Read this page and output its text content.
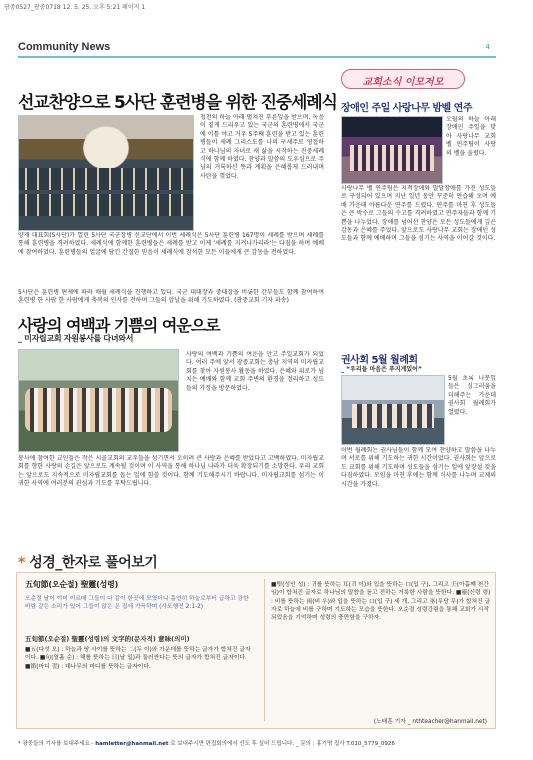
광중0527_광중0718 12. 5. 25. 오후 5:21 페이지 1
Community News	4
선교찬양으로 5사단 훈련병을 위한 진중세례식
청천의 하늘 아래 펼쳐진 푸른잎을 받으며, 녹음이 짙게 드리우고 있는 국군의 훈련병에서 국군에 이틀 야고 거우 5주째 훈련을 받고 있는 훈련병들이 세례 그리스도를 나의 구세주로 영접하고 하나님의 자녀로 새 삶을 시작하는 진중세례식에 함께 하였다. 찬양과 말씀의 도우심으로 주님의 거룩하신 뜻과 계획을 은혜롭게 드러내며 사탄을 꺾었다.
양재 대표회(5사단)가 열린 5사단 국군장병 선교단에서 이번 세례식은 5사단 훈련병 167명이 세례를 받으며 세례를 통해 훈련병을 격려하였다. 세례식에 함께한 훈련병들은 세례를 받고 이제 '세례를 지켜나가리라'는 다짐을 하며 예배에 참여하였다. 훈련병들의 얼굴에 담긴 간절한 믿음이 세례식에 참석한 모든 이들에게 큰 감동을 전하였다.
5사단은 훈련병 편제에 따라 매월 세례식을 진행하고 있다. 국군 대대장과 중대장을 비롯한 간부들도 함께 참여하여 훈련병 한 사람 한 사람에게 축복의 인사를 전하며 그들의 앞날을 위해 기도하였다. (광중교회 기자 파송)
사랑의 여백과 기쁨의 여운으로
_ 미자립교회 자원봉사를 다녀와서
사랑의 여백과 기쁨의 여운을 안고 주일교회가 되었다. 여러 주에 앞서 광중교회는 충남 지역의 미자립교회를 찾아 자원봉사 활동을 하였다. 은혜와 위로가 넘치는 예배와 함께 교회 주변의 환경을 정리하고 성도들의 가정을 방문하였다.
봉사에 참여한 교인들은 작은 시골교회의 교우들을 섬기면서 오히려 큰 사랑과 은혜를 받았다고 고백하였다. 미자립교회를 향한 사랑의 손길은 앞으로도 계속될 것이며 이 사역을 통해 하나님 나라가 더욱 확장되기를 소망한다. 우리 교회는 앞으로도 지속적으로 미자립교회를 돕는 일에 힘쓸 것이다. 함께 기도해주시기 바랍니다. 미자립교회를 섬기는 이 귀한 사역에 여러분의 관심과 기도를 부탁드립니다.
교회소식 이모저모
장애인 주일 사랑나무 밤벨 연주
오월의 하늘 아래 장애인 주일을 맞아 사랑나무 교회 벨 연주팀이 사랑의 벨을 울렸다.
사랑나무 벨 연주팀은 지적장애와 발달장애를 가진 성도들로 구성되어 있으며 지난 일년 동안 꾸준히 연습해 오며 예배 가운데 아름다운 연주를 드렸다. 연주를 마친 후 성도들은 큰 박수로 그들의 수고를 격려하였고 연주자들과 함께 기쁨을 나누었다. 장애를 넘어선 찬양은 모든 성도들에게 깊은 감동과 은혜를 주었다. 앞으로도 사랑나무 교회는 장애인 성도들과 함께 예배하며 그들을 섬기는 사역을 이어갈 것이다.
권사회 5월 월례회
_ “우리들 마음은 푸지게있어”
5월 초록 나뭇잎들은 싱그러움을 더해주는 가운데 권사회 월례회가 열렸다.
이번 월례회는 권사님들이 함께 모여 찬양하고 말씀을 나누며 서로를 위해 기도하는 귀한 시간이었다. 권사회는 앞으로도 교회를 위해 기도하며 성도들을 섬기는 일에 앞장설 것을 다짐하였다. 모임을 마친 후에는 함께 식사를 나누며 교제의 시간을 가졌다.
* 성경_한자로 풀어보기
五旬節(오순절) 聖靈(성령)
오순절 날이 이미 이르매 그들이 다 같이 한곳에 모였더니 홀연히 하늘로부터 급하고 강한 바람 같은 소리가 있어 그들이 앉은 온 집에 가득하며 (사도행전 2:1-2)
五旬節(오순절) 聖靈(성령)의 文字的(문자적) 意味(의미)
■五(다섯 오) : 하늘과 땅 사이를 뜻하는 二(두 이)와 가운데를 뜻하는 글자가 합쳐진 글자이다. ■旬(열흘 순) : 해를 뜻하는 日(날 일)과 둘러싼다는 뜻의 글자가 합쳐진 글자이다. ■節(마디 절) : 대나무의 마디를 뜻하는 글자이다.
■聖(성인 성) : 귀를 뜻하는 耳(귀 이)와 입을 뜻하는 口(입 구), 그리고 壬(아홉째 천간 임)이 합쳐진 글자로 하나님의 말씀을 듣고 전하는 거룩한 사람을 뜻한다. ■靈(신령 령) : 비를 뜻하는 雨(비 우)와 입을 뜻하는 口(입 구) 세 개, 그리고 巫(무당 무)가 합쳐진 글자로 하늘에 비를 구하며 기도하는 모습을 뜻한다. 오순절 성령강림을 통해 교회가 시작되었음을 기억하며 성령의 충만함을 구하자.
(노태훈 기자 _ nthteacher@hanmail.net)
* 광중들의 기사를 보내주세요 - hamletter@hanmail.net 로 보내주시면 편집회의에서 선도 후 실어 드립니다. _ 문의 : 홍기명 집사 T.010_5779_0926
